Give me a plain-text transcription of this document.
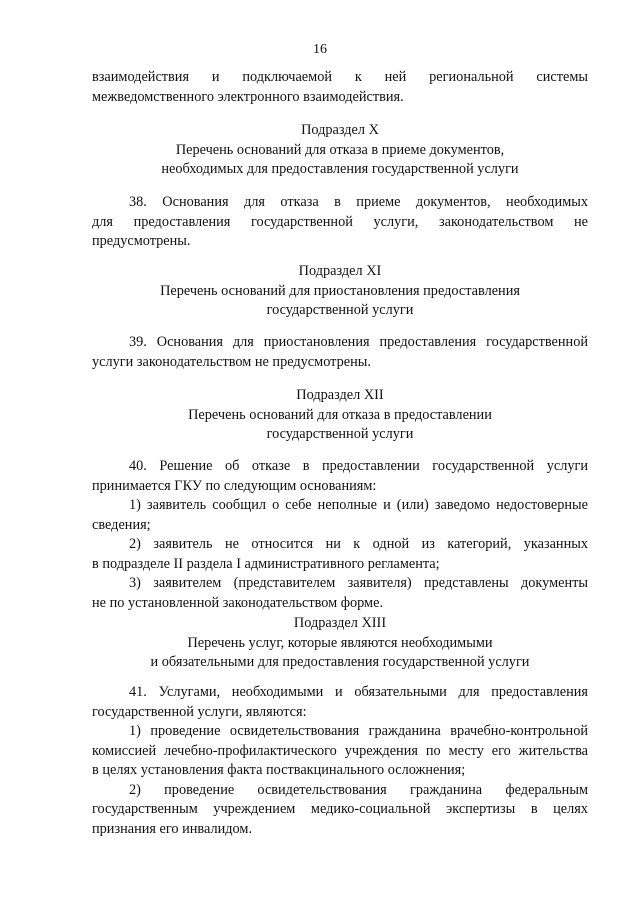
16

взаимодействия и подключаемой к ней региональной системы

межведомственного электронного взаимодействия.

Подраздел X

Перечень оснований для отказа в приеме документов,

необходимых для предоставления государственной услуги

38. Основания для отказа в приеме документов, необходимых

для предоставления государственной услуги, законодательством не

предусмотрены.

Подраздел XI

Перечень оснований для приостановления предоставления

государственной услуги

39. Основания для приостановления предоставления государственной

услуги законодательством не предусмотрены.

Подраздел XII

Перечень оснований для отказа в предоставлении

государственной услуги

40. Решение об отказе в предоставлении государственной услуги

принимается ГКУ по следующим основаниям:

1) заявитель сообщил о себе неполные и (или) заведомо недостоверные

сведения;

2) заявитель не относится ни к одной из категорий, указанных

в подразделе II раздела I административного регламента;

3) заявителем (представителем заявителя) представлены документы

не по установленной законодательством форме.

Подраздел XIII

Перечень услуг, которые являются необходимыми

и обязательными для предоставления государственной услуги

41. Услугами, необходимыми и обязательными для предоставления

государственной услуги, являются:

1) проведение освидетельствования гражданина врачебно-контрольной

комиссией лечебно-профилактического учреждения по месту его жительства

в целях установления факта поствакцинального осложнения;

2) проведение освидетельствования гражданина федеральным

государственным учреждением медико-социальной экспертизы в целях

признания его инвалидом.
